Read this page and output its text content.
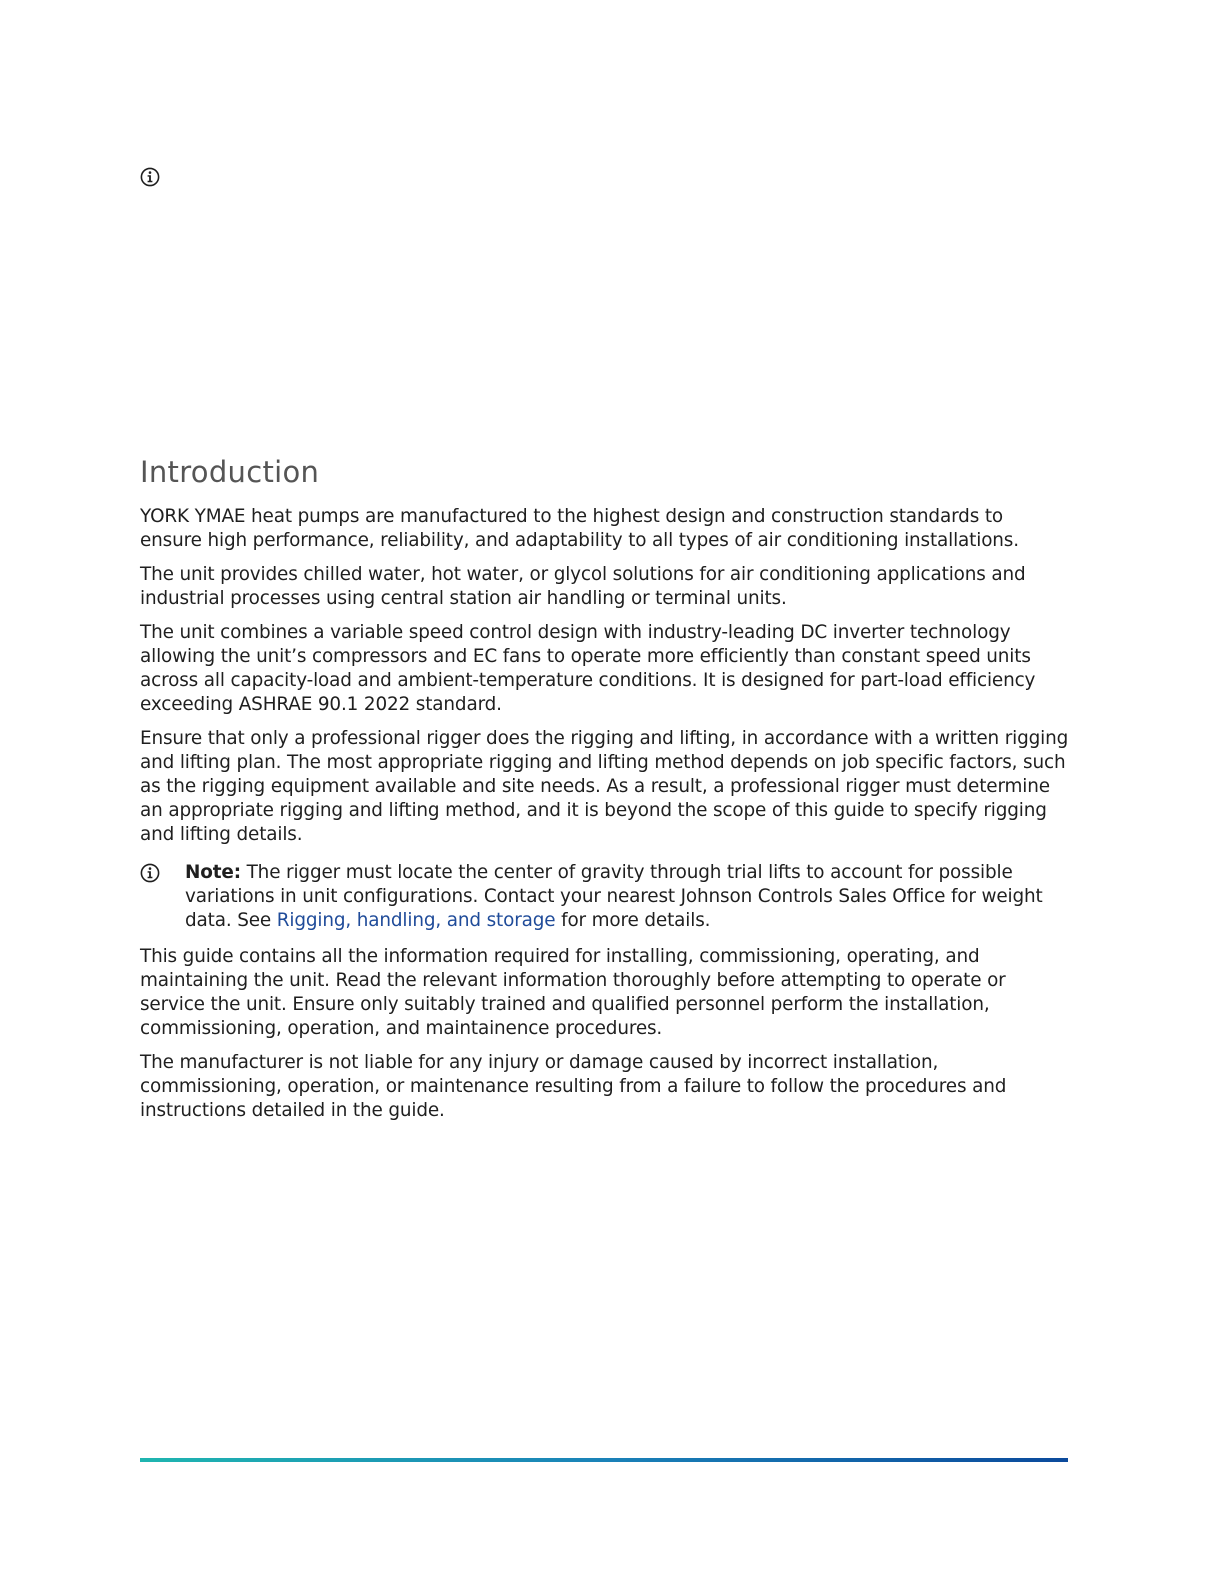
Introduction

YORK YMAE heat pumps are manufactured to the highest design and construction standards to ensure high performance, reliability, and adaptability to all types of air conditioning installations.

The unit provides chilled water, hot water, or glycol solutions for air conditioning applications and industrial processes using central station air handling or terminal units.

The unit combines a variable speed control design with industry-leading DC inverter technology allowing the unit’s compressors and EC fans to operate more efficiently than constant speed units across all capacity-load and ambient-temperature conditions. It is designed for part-load efficiency exceeding ASHRAE 90.1 2022 standard.

Ensure that only a professional rigger does the rigging and lifting, in accordance with a written rigging and lifting plan. The most appropriate rigging and lifting method depends on job specific factors, such as the rigging equipment available and site needs. As a result, a professional rigger must determine an appropriate rigging and lifting method, and it is beyond the scope of this guide to specify rigging and lifting details.

Note: The rigger must locate the center of gravity through trial lifts to account for possible variations in unit configurations. Contact your nearest Johnson Controls Sales Office for weight data. See Rigging, handling, and storage for more details.

This guide contains all the information required for installing, commissioning, operating, and maintaining the unit. Read the relevant information thoroughly before attempting to operate or service the unit. Ensure only suitably trained and qualified personnel perform the installation, commissioning, operation, and maintainence procedures.

The manufacturer is not liable for any injury or damage caused by incorrect installation, commissioning, operation, or maintenance resulting from a failure to follow the procedures and instructions detailed in the guide.
